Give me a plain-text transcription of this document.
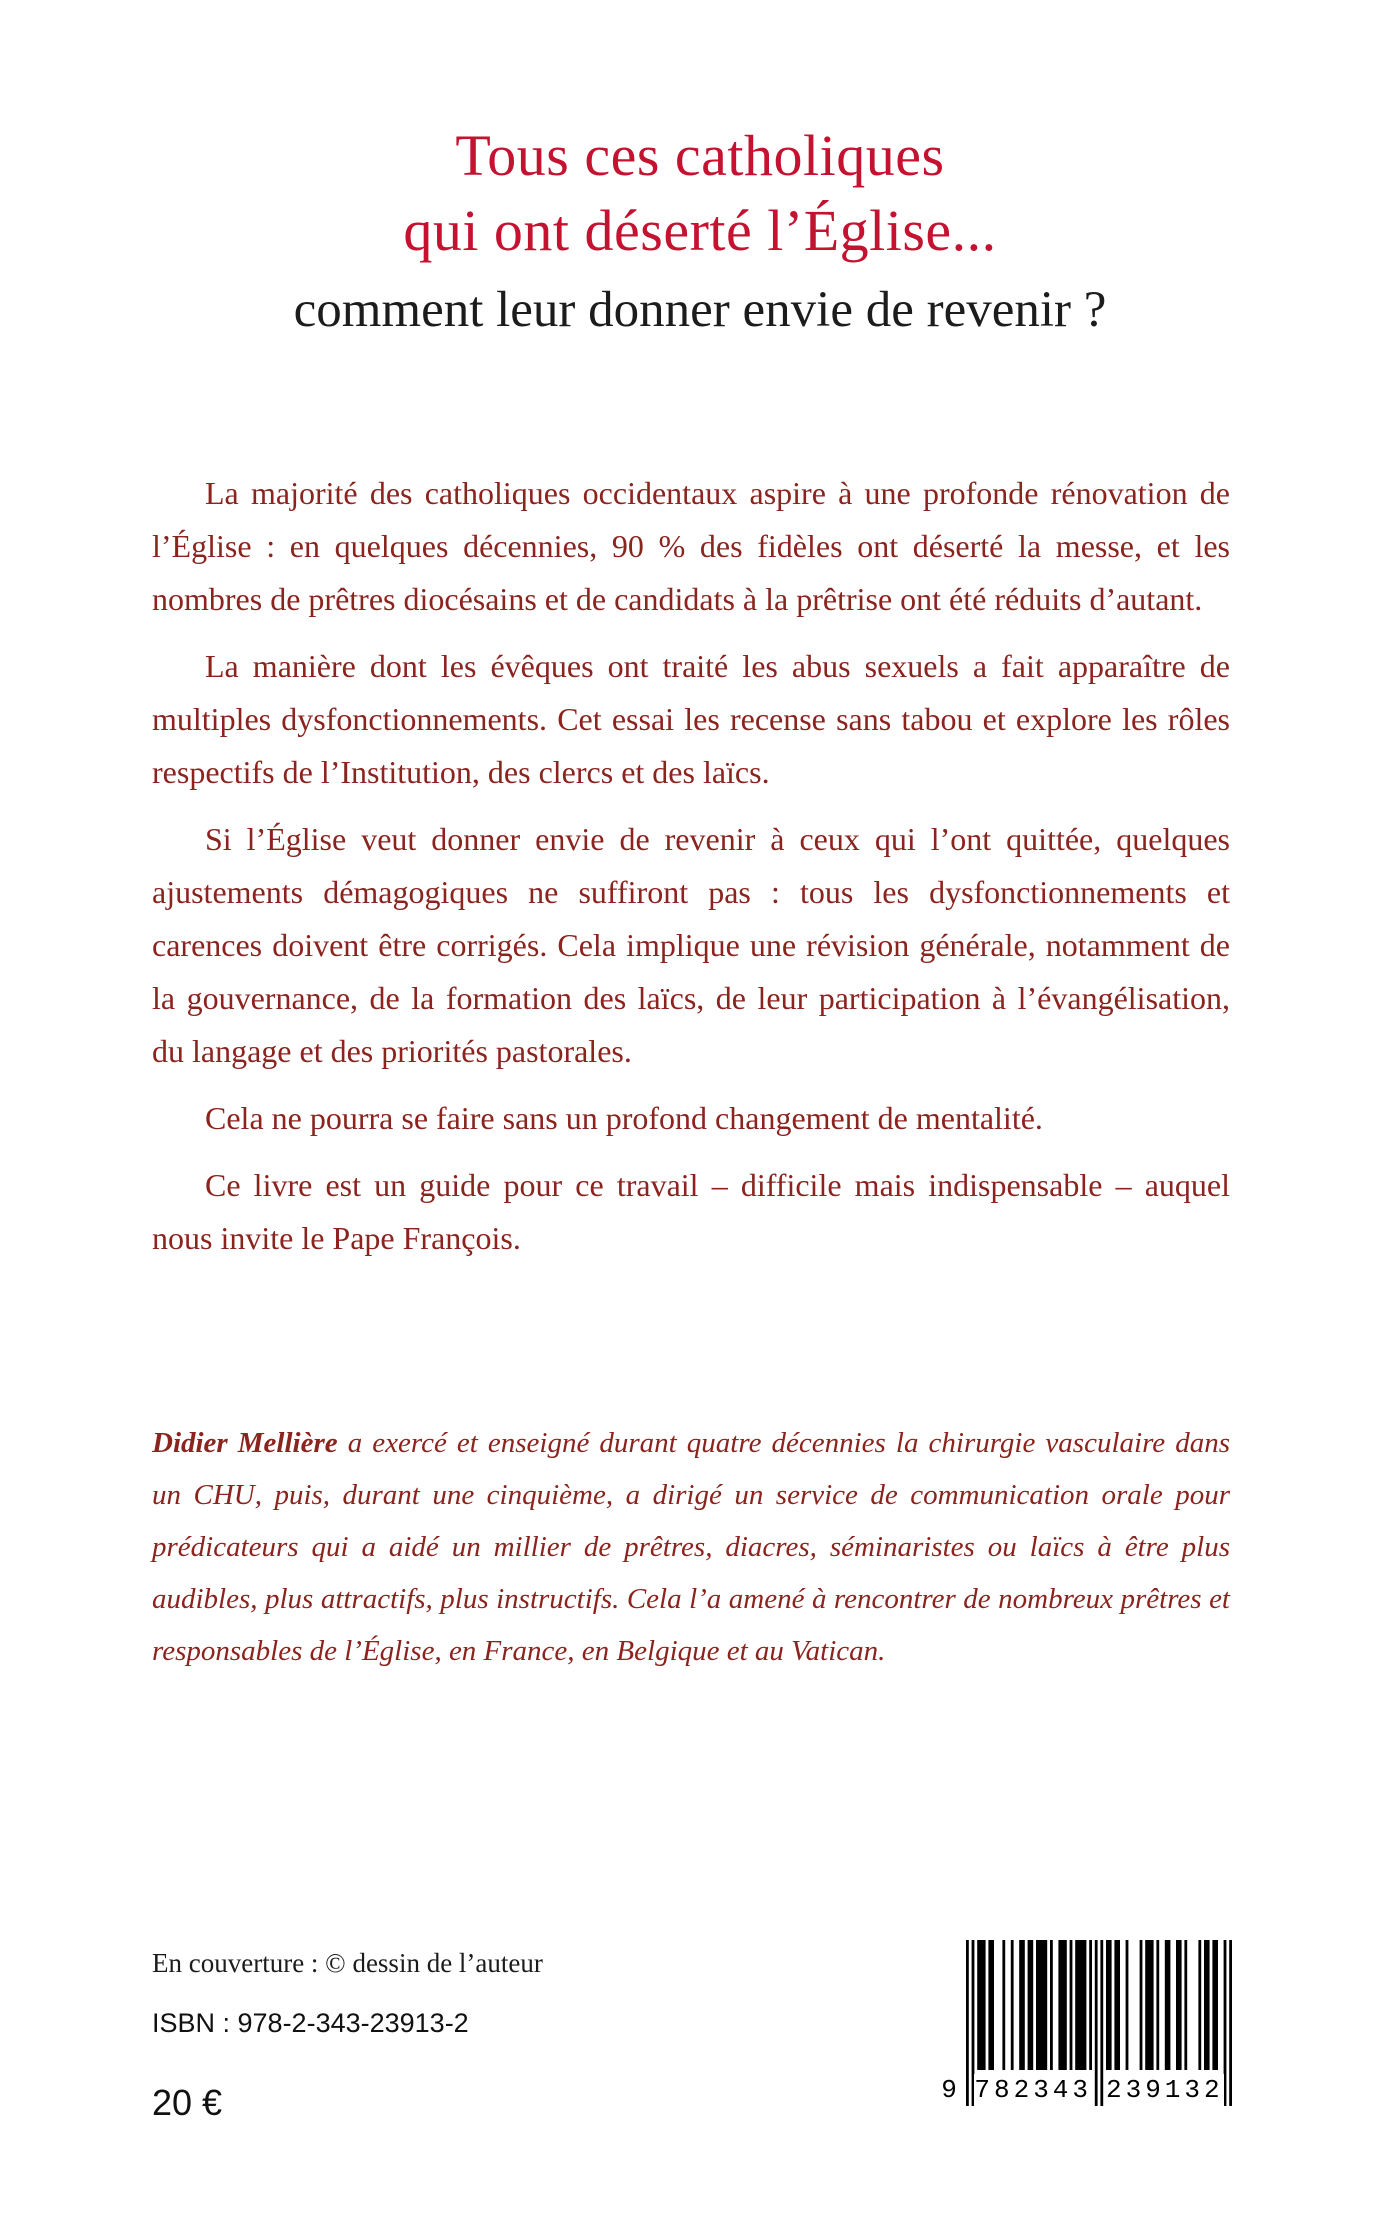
Tous ces catholiques
qui ont déserté l’Église...
comment leur donner envie de revenir ?

La majorité des catholiques occidentaux aspire à une profonde rénovation de l’Église : en quelques décennies, 90 % des fidèles ont déserté la messe, et les nombres de prêtres diocésains et de candidats à la prêtrise ont été réduits d’autant.

La manière dont les évêques ont traité les abus sexuels a fait apparaître de multiples dysfonctionnements. Cet essai les recense sans tabou et explore les rôles respectifs de l’Institution, des clercs et des laïcs.

Si l’Église veut donner envie de revenir à ceux qui l’ont quittée, quelques ajustements démagogiques ne suffiront pas : tous les dysfonctionnements et carences doivent être corrigés. Cela implique une révision générale, notamment de la gouvernance, de la formation des laïcs, de leur participation à l’évangélisation, du langage et des priorités pastorales.

Cela ne pourra se faire sans un profond changement de mentalité.

Ce livre est un guide pour ce travail – difficile mais indispensable – auquel nous invite le Pape François.

Didier Mellière a exercé et enseigné durant quatre décennies la chirurgie vasculaire dans un CHU, puis, durant une cinquième, a dirigé un service de communication orale pour prédicateurs qui a aidé un millier de prêtres, diacres, séminaristes ou laïcs à être plus audibles, plus attractifs, plus instructifs. Cela l’a amené à rencontrer de nombreux prêtres et responsables de l’Église, en France, en Belgique et au Vatican.
En couverture : © dessin de l’auteur
ISBN : 978-2-343-23913-2
20 €	9 782343 239132
